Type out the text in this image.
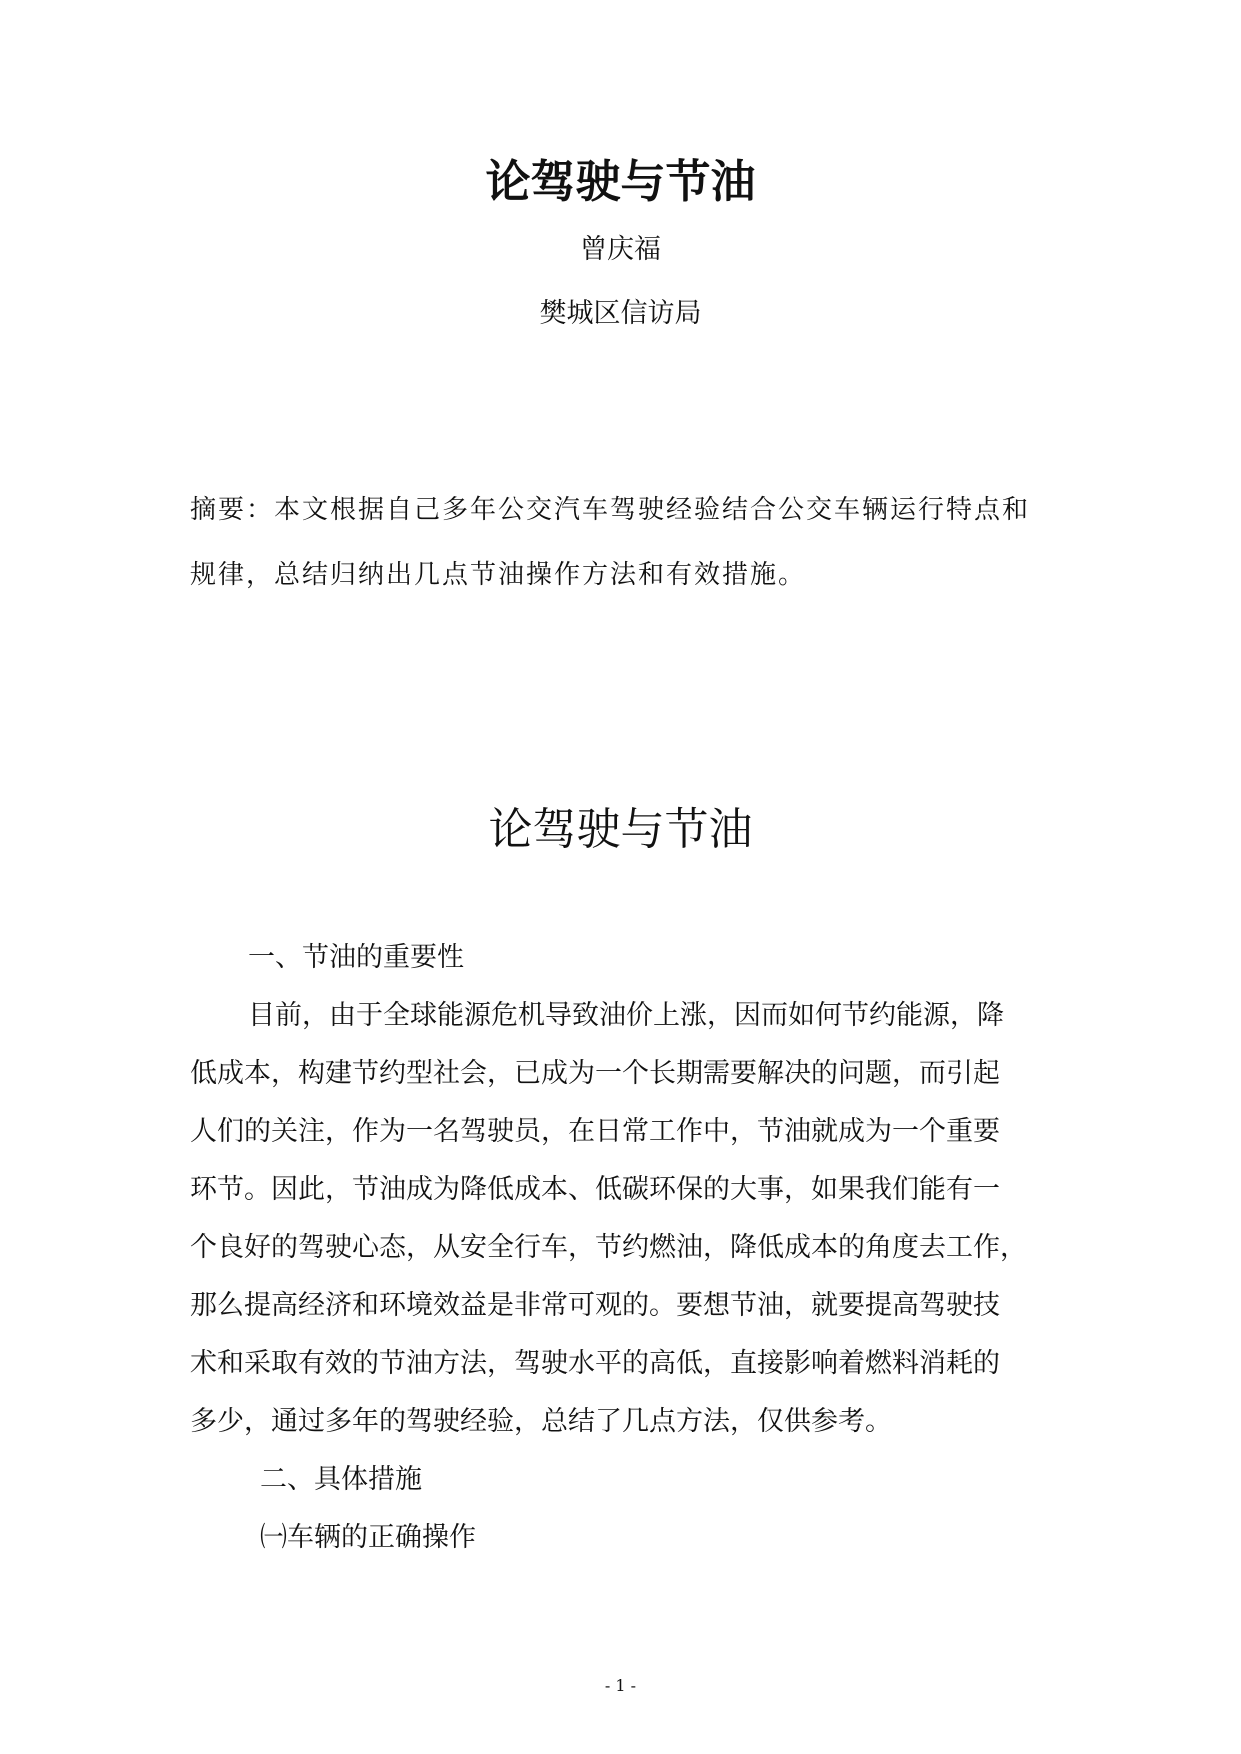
论驾驶与节油
曾庆福
樊城区信访局
摘要：本文根据自己多年公交汽车驾驶经验结合公交车辆运行特点和
规律，总结归纳出几点节油操作方法和有效措施。
论驾驶与节油
一、节油的重要性
目前，由于全球能源危机导致油价上涨，因而如何节约能源，降
低成本，构建节约型社会，已成为一个长期需要解决的问题，而引起
人们的关注，作为一名驾驶员，在日常工作中，节油就成为一个重要
环节。因此，节油成为降低成本、低碳环保的大事，如果我们能有一
个良好的驾驶心态，从安全行车，节约燃油，降低成本的角度去工作，
那么提高经济和环境效益是非常可观的。要想节油，就要提高驾驶技
术和采取有效的节油方法，驾驶水平的高低，直接影响着燃料消耗的
多少，通过多年的驾驶经验，总结了几点方法，仅供参考。
二、具体措施
㈠车辆的正确操作
- 1 -
